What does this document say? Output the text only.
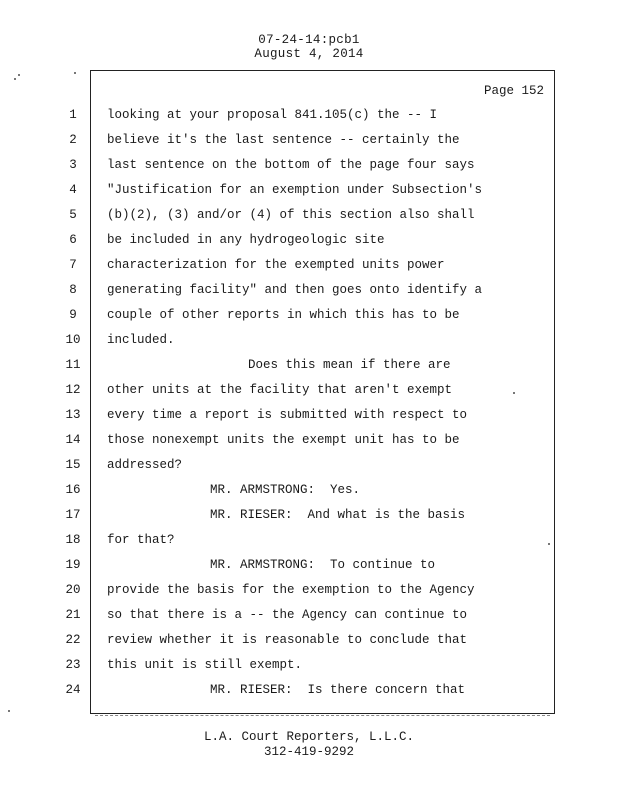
07-24-14:pcb1
August 4, 2014
Page 152
1	looking at your proposal 841.105(c) the -- I
2	believe it's the last sentence -- certainly the
3	last sentence on the bottom of the page four says
4	"Justification for an exemption under Subsection's
5	(b)(2), (3) and/or (4) of this section also shall
6	be included in any hydrogeologic site
7	characterization for the exempted units power
8	generating facility" and then goes onto identify a
9	couple of other reports in which this has to be
10	included.
11	Does this mean if there are
12	other units at the facility that aren't exempt
13	every time a report is submitted with respect to
14	those nonexempt units the exempt unit has to be
15	addressed?
16	MR. ARMSTRONG:  Yes.
17	MR. RIESER:  And what is the basis
18	for that?
19	MR. ARMSTRONG:  To continue to
20	provide the basis for the exemption to the Agency
21	so that there is a -- the Agency can continue to
22	review whether it is reasonable to conclude that
23	this unit is still exempt.
24	MR. RIESER:  Is there concern that
L.A. Court Reporters, L.L.C.
312-419-9292
